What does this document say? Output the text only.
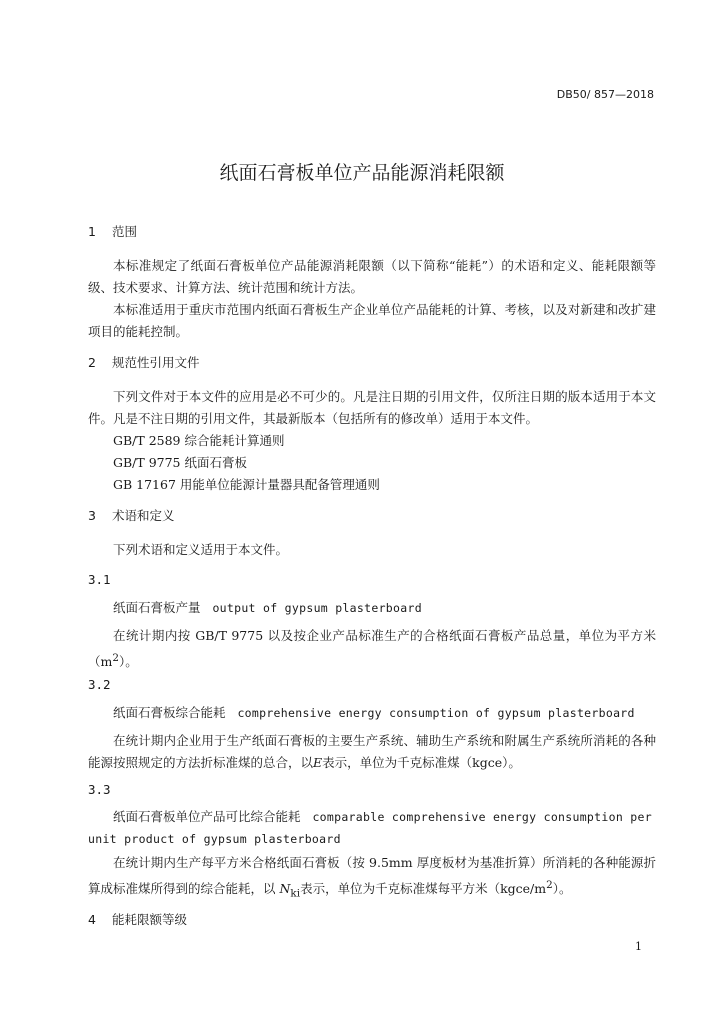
DB50/ 857—2018
纸面石膏板单位产品能源消耗限额
1 范围

本标准规定了纸面石膏板单位产品能源消耗限额（以下简称“能耗”）的术语和定义、能耗限额等级、技术要求、计算方法、统计范围和统计方法。

本标准适用于重庆市范围内纸面石膏板生产企业单位产品能耗的计算、考核，以及对新建和改扩建项目的能耗控制。

2 规范性引用文件

下列文件对于本文件的应用是必不可少的。凡是注日期的引用文件，仅所注日期的版本适用于本文件。凡是不注日期的引用文件，其最新版本（包括所有的修改单）适用于本文件。

GB/T 2589 综合能耗计算通则
GB/T 9775 纸面石膏板
GB 17167 用能单位能源计量器具配备管理通则
3 术语和定义

下列术语和定义适用于本文件。

3.1

纸面石膏板产量 output of gypsum plasterboard

在统计期内按 GB/T 9775 以及按企业产品标准生产的合格纸面石膏板产品总量，单位为平方米$(m^2)$。

3.2

纸面石膏板综合能耗 comprehensive energy consumption of gypsum plasterboard

在统计期内企业用于生产纸面石膏板的主要生产系统、辅助生产系统和附属生产系统所消耗的各种能源按照规定的方法折标准煤的总合，以E表示，单位为千克标准煤（kgce）。

3.3

纸面石膏板单位产品可比综合能耗 comparable comprehensive energy consumption per unit product of gypsum plasterboard

在统计期内生产每平方米合格纸面石膏板（按 9.5mm 厚度板材为基准折算）所消耗的各种能源折算成标准煤所得到的综合能耗，以 $N_{ki}$表示，单位为千克标准煤每平方米$(kgce/m^2)$。

4 能耗限额等级
1
